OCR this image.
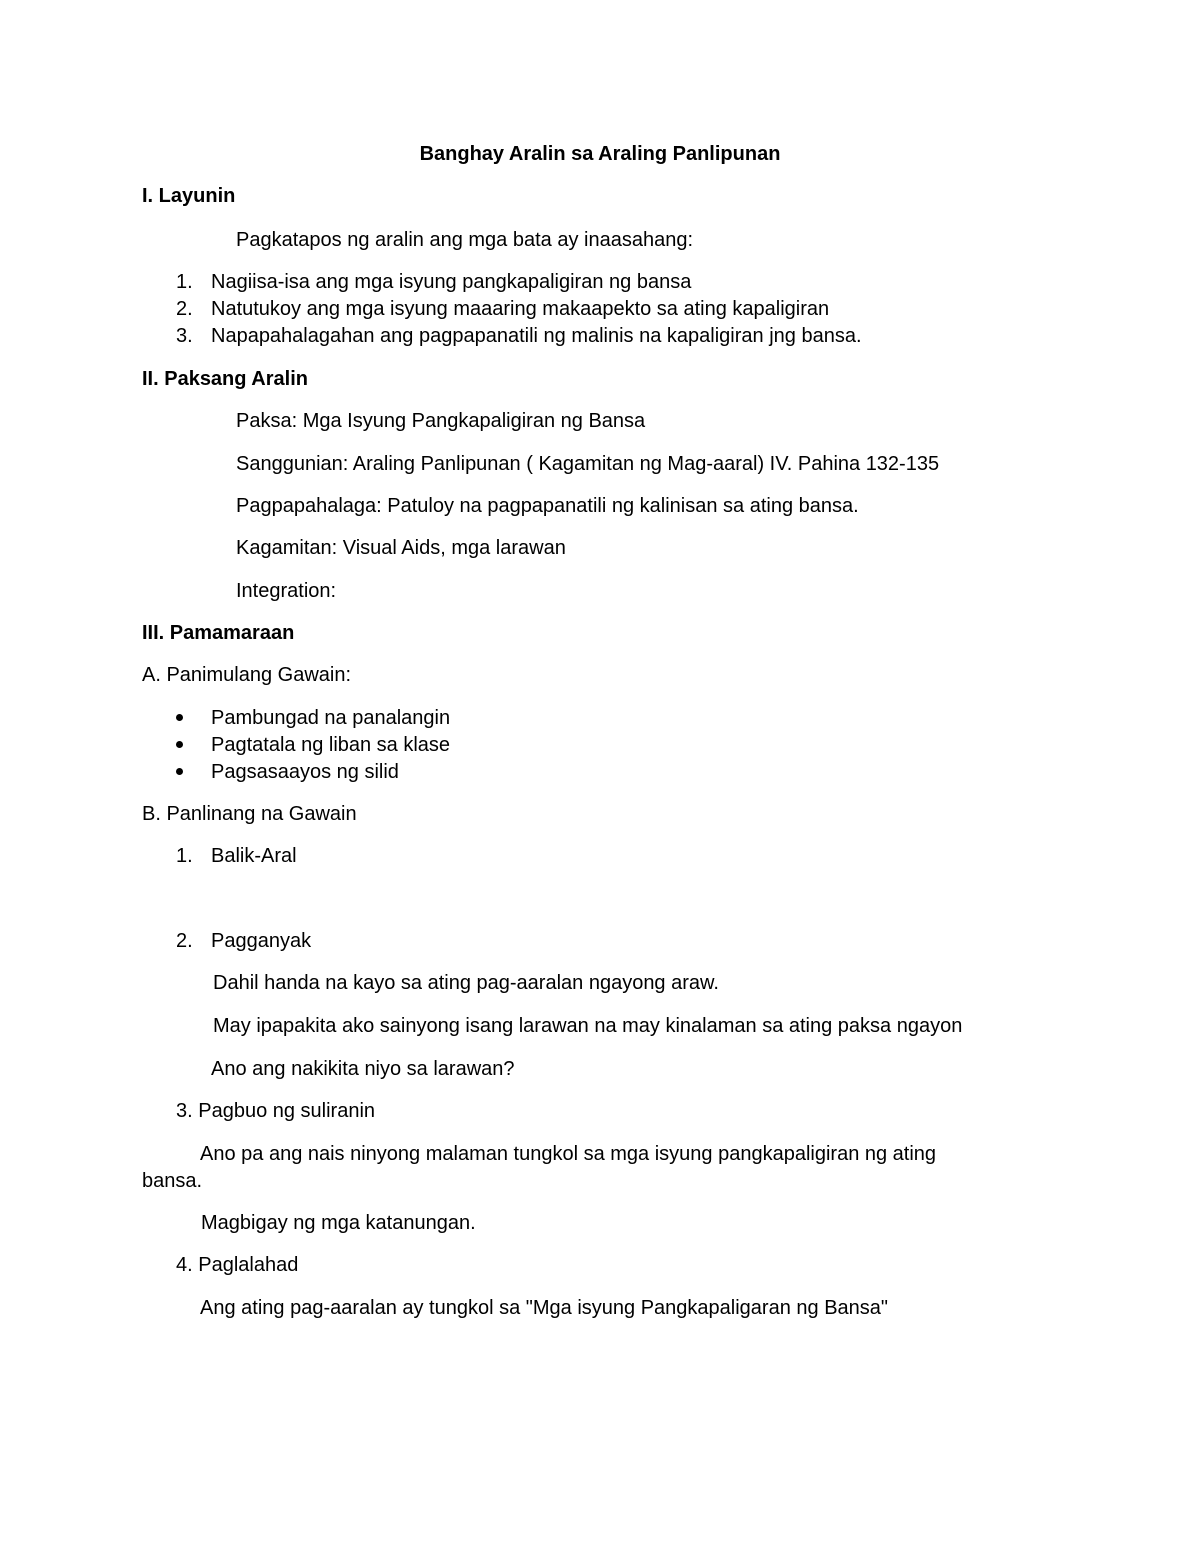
Banghay Aralin sa Araling Panlipunan
I. Layunin
Pagkatapos ng aralin ang mga bata ay inaasahang:
1. Nagiisa-isa ang mga isyung pangkapaligiran ng bansa
2. Natutukoy ang mga isyung maaaring makaapekto sa ating kapaligiran
3. Napapahalagahan ang pagpapanatili ng malinis na kapaligiran jng bansa.
II. Paksang Aralin
Paksa: Mga Isyung Pangkapaligiran ng Bansa
Sanggunian: Araling Panlipunan ( Kagamitan ng Mag-aaral) IV. Pahina 132-135
Pagpapahalaga: Patuloy na pagpapanatili ng kalinisan sa ating bansa.
Kagamitan: Visual Aids, mga larawan
Integration:
III. Pamamaraan
A. Panimulang Gawain:
Pambungad na panalangin
Pagtatala ng liban sa klase
Pagsasaayos ng silid
B. Panlinang na Gawain
1. Balik-Aral
2. Pagganyak
Dahil handa na kayo sa ating pag-aaralan ngayong araw.
May ipapakita ako sainyong isang larawan na may kinalaman sa ating paksa ngayon
Ano ang nakikita niyo sa larawan?
3. Pagbuo ng suliranin
Ano pa ang nais ninyong malaman tungkol sa mga isyung pangkapaligiran ng ating
bansa.
Magbigay ng mga katanungan.
4. Paglalahad
Ang ating pag-aaralan ay tungkol sa "Mga isyung Pangkapaligaran ng Bansa"
